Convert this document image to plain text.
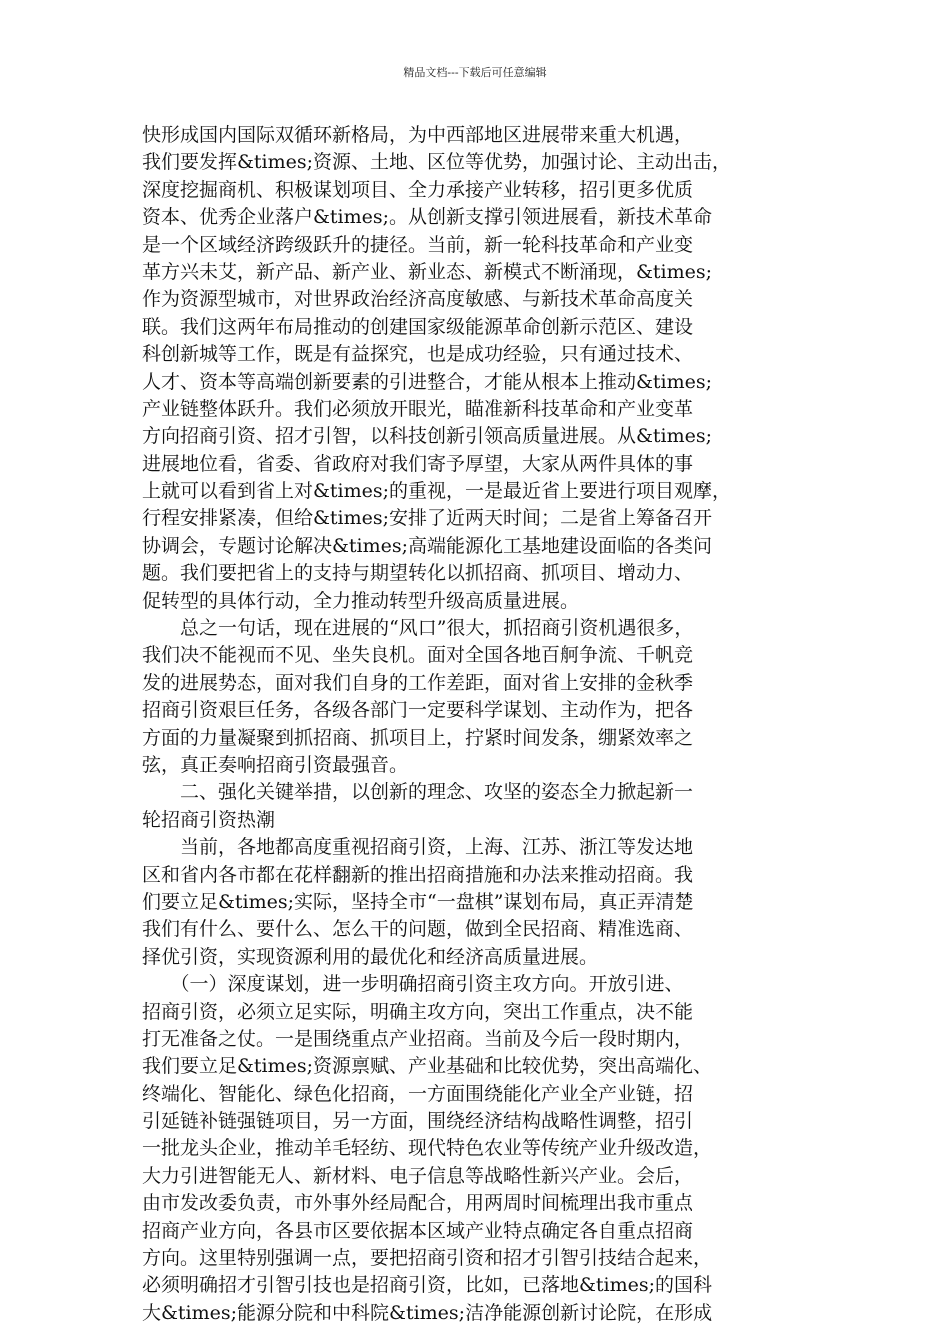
精品文档---下载后可任意编辑
快形成国内国际双循环新格局，为中西部地区进展带来重大机遇，
我们要发挥&times;资源、土地、区位等优势，加强讨论、主动出击，
深度挖掘商机、积极谋划项目、全力承接产业转移，招引更多优质
资本、优秀企业落户&times;。从创新支撑引领进展看，新技术革命
是一个区域经济跨级跃升的捷径。当前，新一轮科技革命和产业变
革方兴未艾，新产品、新产业、新业态、新模式不断涌现，&times;
作为资源型城市，对世界政治经济高度敏感、与新技术革命高度关
联。我们这两年布局推动的创建国家级能源革命创新示范区、建设
科创新城等工作，既是有益探究，也是成功经验，只有通过技术、
人才、资本等高端创新要素的引进整合，才能从根本上推动&times;
产业链整体跃升。我们必须放开眼光，瞄准新科技革命和产业变革
方向招商引资、招才引智，以科技创新引领高质量进展。从&times;
进展地位看，省委、省政府对我们寄予厚望，大家从两件具体的事
上就可以看到省上对&times;的重视，一是最近省上要进行项目观摩，
行程安排紧凑，但给&times;安排了近两天时间；二是省上筹备召开
协调会，专题讨论解决&times;高端能源化工基地建设面临的各类问
题。我们要把省上的支持与期望转化以抓招商、抓项目、增动力、
促转型的具体行动，全力推动转型升级高质量进展。
　　总之一句话，现在进展的“风口”很大，抓招商引资机遇很多，
我们决不能视而不见、坐失良机。面对全国各地百舸争流、千帆竞
发的进展势态，面对我们自身的工作差距，面对省上安排的金秋季
招商引资艰巨任务，各级各部门一定要科学谋划、主动作为，把各
方面的力量凝聚到抓招商、抓项目上，拧紧时间发条，绷紧效率之
弦，真正奏响招商引资最强音。
　　二、强化关键举措，以创新的理念、攻坚的姿态全力掀起新一
轮招商引资热潮
　　当前，各地都高度重视招商引资，上海、江苏、浙江等发达地
区和省内各市都在花样翻新的推出招商措施和办法来推动招商。我
们要立足&times;实际，坚持全市“一盘棋”谋划布局，真正弄清楚
我们有什么、要什么、怎么干的问题，做到全民招商、精准选商、
择优引资，实现资源利用的最优化和经济高质量进展。
　　（一）深度谋划，进一步明确招商引资主攻方向。开放引进、
招商引资，必须立足实际，明确主攻方向，突出工作重点，决不能
打无准备之仗。一是围绕重点产业招商。当前及今后一段时期内，
我们要立足&times;资源禀赋、产业基础和比较优势，突出高端化、
终端化、智能化、绿色化招商，一方面围绕能化产业全产业链，招
引延链补链强链项目，另一方面，围绕经济结构战略性调整，招引
一批龙头企业，推动羊毛轻纺、现代特色农业等传统产业升级改造，
大力引进智能无人、新材料、电子信息等战略性新兴产业。会后，
由市发改委负责，市外事外经局配合，用两周时间梳理出我市重点
招商产业方向，各县市区要依据本区域产业特点确定各自重点招商
方向。这里特别强调一点，要把招商引资和招才引智引技结合起来，
必须明确招才引智引技也是招商引资，比如，已落地&times;的国科
大&times;能源分院和中科院&times;洁净能源创新讨论院，在形成
